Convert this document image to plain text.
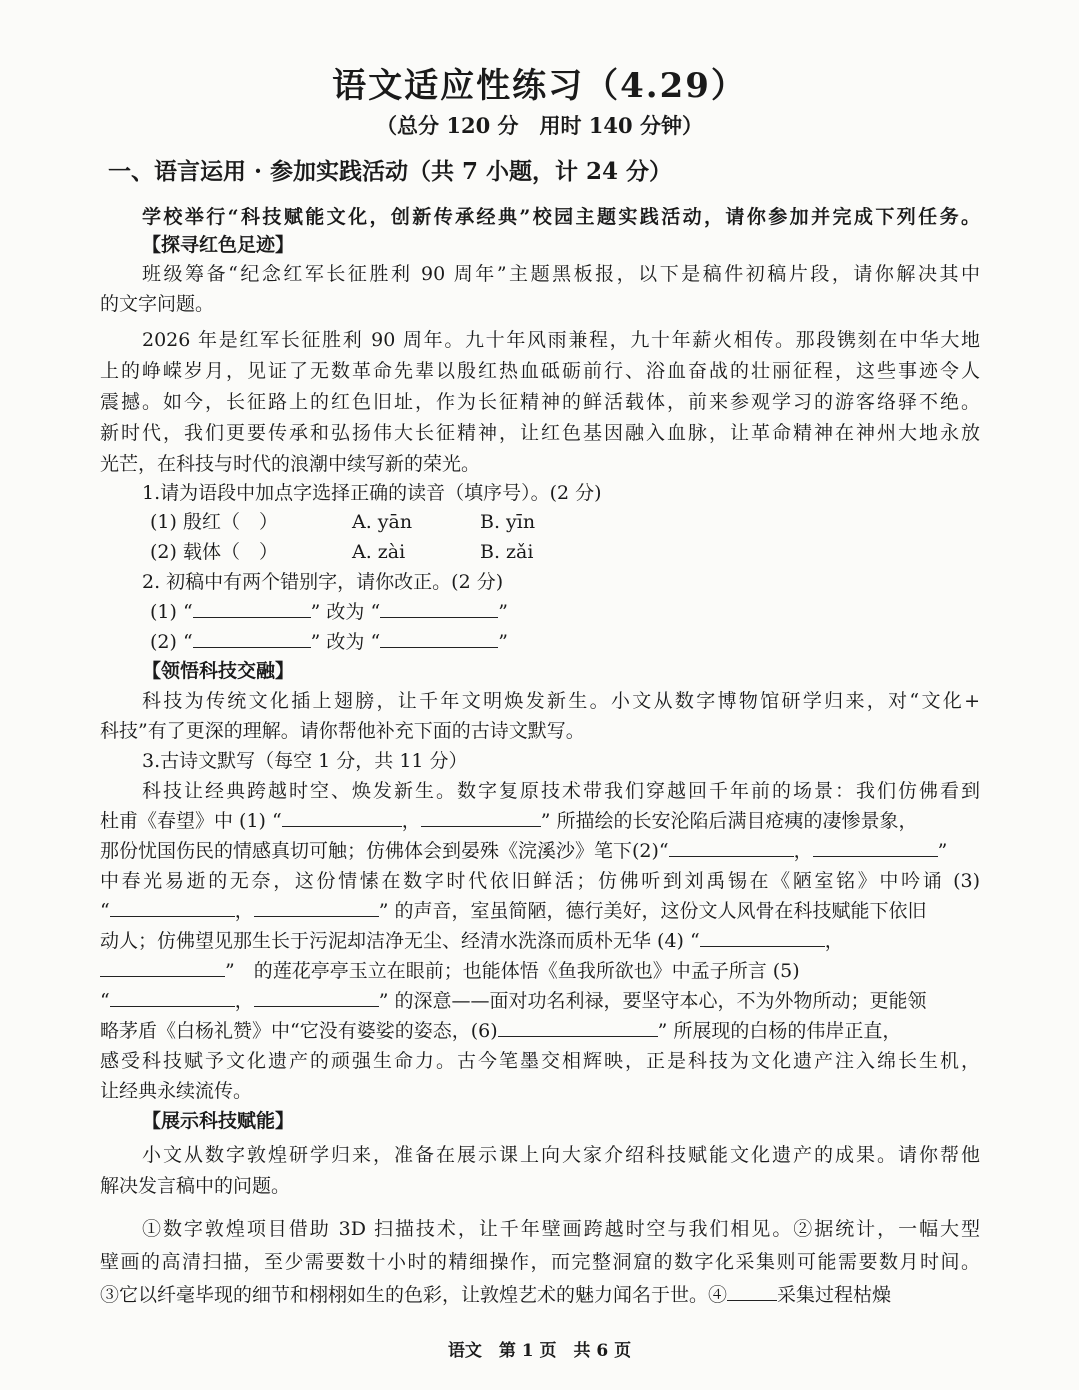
语文适应性练习（4.29）
（总分 120 分　用时 140 分钟）
一、语言运用 · 参加实践活动（共 7 小题，计 24 分）
学校举行“科技赋能文化，创新传承经典”校园主题实践活动，请你参加并完成下列任务。
【探寻红色足迹】
班级筹备“纪念红军长征胜利 90 周年”主题黑板报，以下是稿件初稿片段，请你解决其中
的文字问题。
2026 年是红军长征胜利 90 周年。九十年风雨兼程，九十年薪火相传。那段镌刻在中华大地
上的峥嵘岁月，见证了无数革命先辈以殷红热血砥砺前行、浴血奋战的壮丽征程，这些事迹令人
震撼。如今，长征路上的红色旧址，作为长征精神的鲜活载体，前来参观学习的游客络驿不绝。
新时代，我们更要传承和弘扬伟大长征精神，让红色基因融入血脉，让革命精神在神州大地永放
光芒，在科技与时代的浪潮中续写新的荣光。
1.请为语段中加点字选择正确的读音（填序号）。(2 分)
(1) 殷红（　）	A. yān	B. yīn
(2) 载体（　）	A. zài	B. zǎi
2. 初稿中有两个错别字，请你改正。(2 分)
(1) “	” 改为 “	”
(2) “	” 改为 “	”
【领悟科技交融】
科技为传统文化插上翅膀，让千年文明焕发新生。小文从数字博物馆研学归来，对“文化+
科技”有了更深的理解。请你帮他补充下面的古诗文默写。
3.古诗文默写（每空 1 分，共 11 分）
科技让经典跨越时空、焕发新生。数字复原技术带我们穿越回千年前的场景：我们仿佛看到
杜甫《春望》中 (1) “	，	” 所描绘的长安沦陷后满目疮痍的凄惨景象，
那份忧国伤民的情感真切可触；仿佛体会到晏殊《浣溪沙》笔下(2)“	，	”
中春光易逝的无奈，这份情愫在数字时代依旧鲜活；仿佛听到刘禹锡在《陋室铭》中吟诵 (3)
“	，	” 的声音，室虽简陋，德行美好，这份文人风骨在科技赋能下依旧
动人；仿佛望见那生长于污泥却洁净无尘、经清水洗涤而质朴无华 (4) “	，
”　的莲花亭亭玉立在眼前；也能体悟《鱼我所欲也》中孟子所言 (5)
“	，	” 的深意——面对功名利禄，要坚守本心，不为外物所动；更能领
略茅盾《白杨礼赞》中“它没有婆娑的姿态，(6)	” 所展现的白杨的伟岸正直，
感受科技赋予文化遗产的顽强生命力。古今笔墨交相辉映，正是科技为文化遗产注入绵长生机，
让经典永续流传。
【展示科技赋能】
小文从数字敦煌研学归来，准备在展示课上向大家介绍科技赋能文化遗产的成果。请你帮他
解决发言稿中的问题。
①数字敦煌项目借助 3D 扫描技术，让千年壁画跨越时空与我们相见。②据统计，一幅大型
壁画的高清扫描，至少需要数十小时的精细操作，而完整洞窟的数字化采集则可能需要数月时间。
③它以纤毫毕现的细节和栩栩如生的色彩，让敦煌艺术的魅力闻名于世。④	采集过程枯燥
语文　第 1 页　共 6 页
